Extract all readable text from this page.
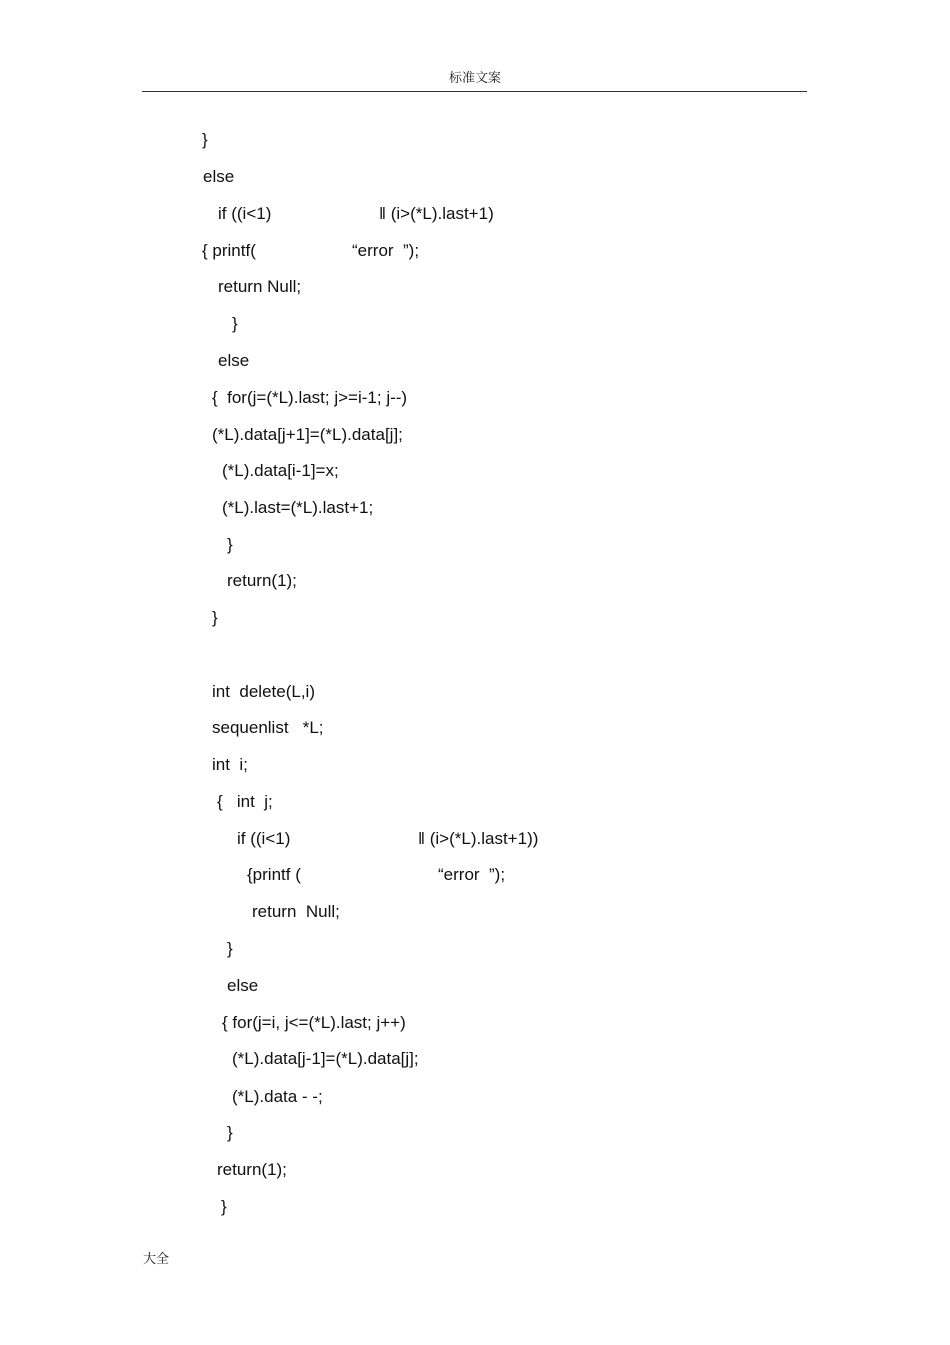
标准文案
}
else
if ((i<1)	‖ (i>(*L).last+1)
{ printf(	“error  ”);
return Null;
}
else
{  for(j=(*L).last; j>=i-1; j--)
(*L).data[j+1]=(*L).data[j];
(*L).data[i-1]=x;
(*L).last=(*L).last+1;
}
return(1);
}
int  delete(L,i)
sequenlist   *L;
int  i;
{   int  j;
if ((i<1)	‖ (i>(*L).last+1))
{printf (	“error  ”);
return  Null;
}
else
{ for(j=i, j<=(*L).last; j++)
(*L).data[j-1]=(*L).data[j];
(*L).data - -;
}
return(1);
}
大全
